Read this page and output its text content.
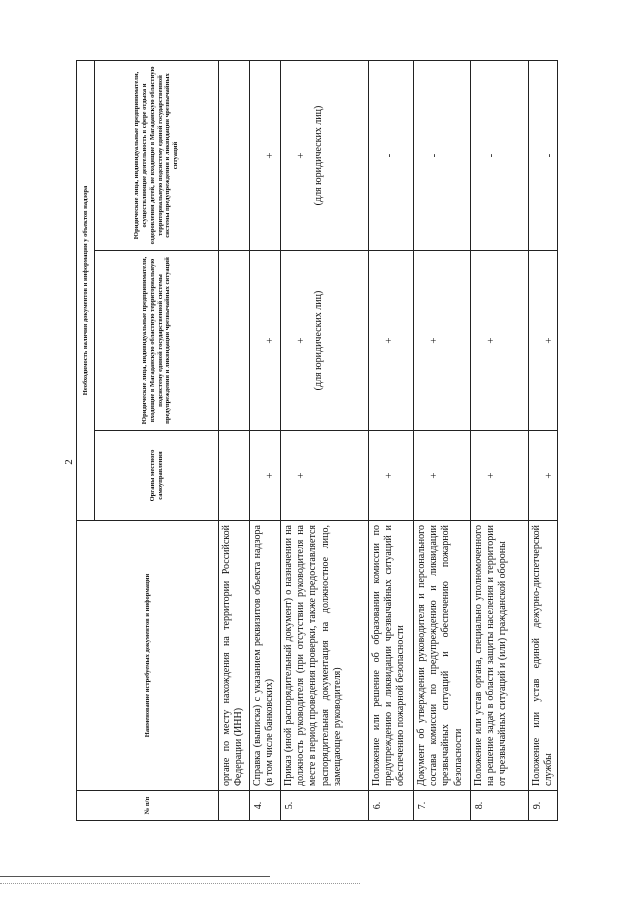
2
№ п/п	Наименование истребуемых документов и информации	Необходимость наличия документов и информации у объектов надзора		
		Органы местного самоуправления	Юридические лица, индивидуальные предприниматели, входящие в Магаданскую областную территориальную подсистему единой государственной системы предупреждения и ликвидации чрезвычайных ситуаций	Юридические лица, индивидуальные предприниматели, осуществляющие деятельность в сфере отдыха и оздоровления детей, не входящие в Магаданскую областную территориальную подсистему единой государственной системы предупреждения и ликвидации чрезвычайных ситуаций
	органе по месту нахождения на территории Российской Федерации (ИНН)			
4.	Справка (выписка) с указанием реквизитов объекта надзора (в том числе банковских)	+	+	+
5.	Приказ (иной распорядительный документ) о назначении на должность руководителя (при отсутствии руководителя на месте в период проведения проверки, также предоставляется распорядительная документация на должностное лицо, замещающее руководителя)	+	+ (для юридических лиц)	+ (для юридических лиц)

6.	Положение или решение об образовании комиссии по предупреждению и ликвидации чрезвычайных ситуаций и обеспечению пожарной безопасности	+	+	-
7.	Документ об утверждении руководителя и персонального состава комиссии по предупреждению и ликвидации чрезвычайных ситуаций и обеспечению пожарной безопасности	+	+	-
8.	Положение или устав органа, специально уполномоченного на решение задач в области защиты населения и территории от чрезвычайных ситуаций и (или) гражданской обороны	+	+	-
9.	Положение или устав единой дежурно-диспетчерской службы	+	+	-
